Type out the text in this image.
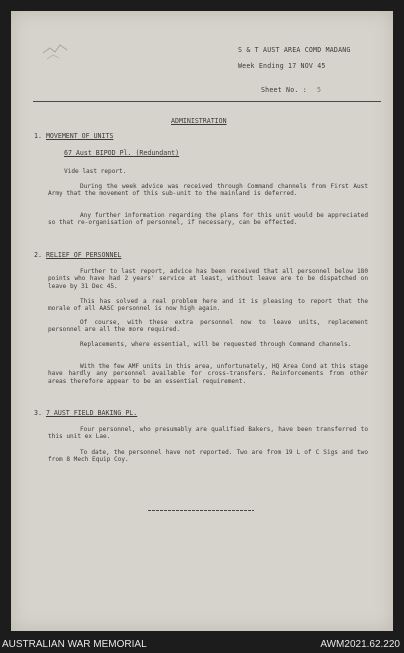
S & T AUST AREA COMD MADANG
Week Ending 17 NOV 45
Sheet No. : 5
ADMINISTRATION
1. MOVEMENT OF UNITS
67 Aust BIPOD Pl. (Redundant)
Vide last report.
During the week advice was received through Command channels from First Aust Army that the movement of this sub-unit to the mainland is deferred.
Any further information regarding the plans for this unit would be appreciated so that re-organisation of personnel, if necessary, can be effected.
2. RELIEF OF PERSONNEL
Further to last report, advice has been received that all personnel below 180 points who have had 2 years' service at least, without leave are to be dispatched on leave by 31 Dec 45.
This has solved a real problem here and it is pleasing to report that the morale of all AASC personnel is now high again.
Of course, with these extra personnel now to leave units, replacement personnel are all the more required.
Replacements, where essential, will be requested through Command channels.
With the few AMF units in this area, unfortunately, HQ Area Cond at this stage have hardly any personnel available for cross-transfers. Reinforcements from other areas therefore appear to be an essential requirement.
3. 7 AUST FIELD BAKING PL.
Four personnel, who presumably are qualified Bakers, have been transferred to this unit ex Lae.
To date, the personnel have not reported. Two are from 19 L of C Sigs and two from 8 Mech Equip Coy.
AUSTRALIAN WAR MEMORIAL	AWM2021.62.220
